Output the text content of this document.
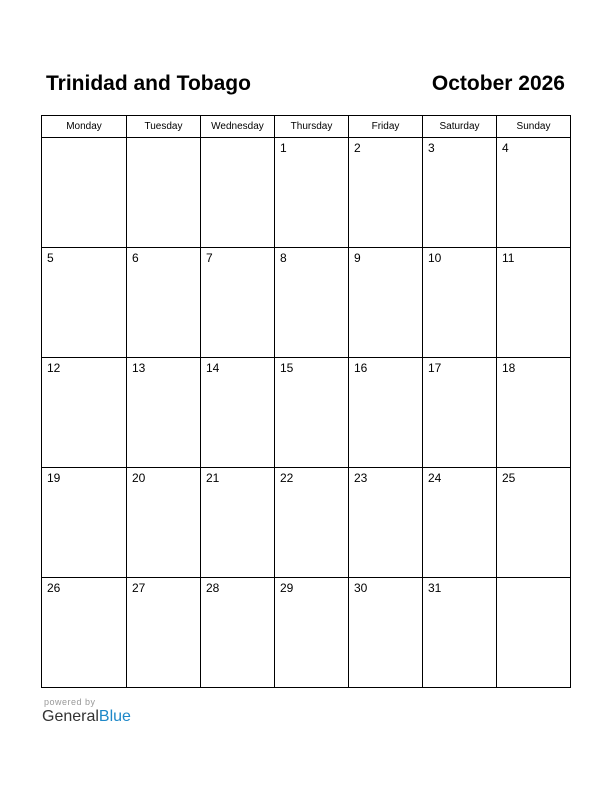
Trinidad and Tobago	October 2026
Monday	Tuesday	Wednesday	Thursday	Friday	Saturday	Sunday

			1	2	3	4

5	6	7	8	9	10	11

12	13	14	15	16	17	18

19	20	21	22	23	24	25

26	27	28	29	30	31	

powered by
GeneralBlue
